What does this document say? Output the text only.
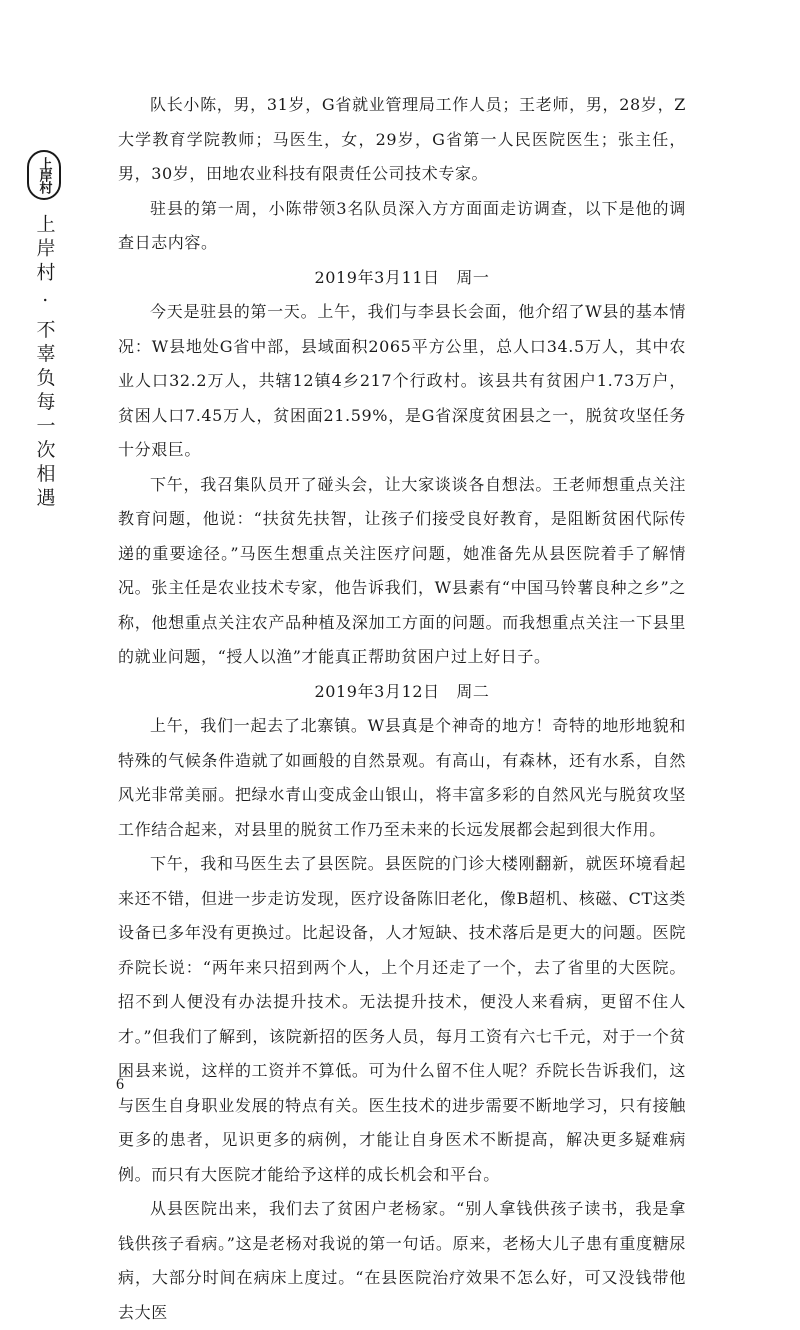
上岸村
上岸村 · 不辜负每一次相遇

队长小陈，男，31岁，G省就业管理局工作人员；王老师，男，28岁，Z大学教育学院教师；马医生，女，29岁，G省第一人民医院医生；张主任，男，30岁，田地农业科技有限责任公司技术专家。

驻县的第一周，小陈带领3名队员深入方方面面走访调查，以下是他的调查日志内容。

2019年3月11日　周一

今天是驻县的第一天。上午，我们与李县长会面，他介绍了W县的基本情况：W县地处G省中部，县域面积2065平方公里，总人口34.5万人，其中农业人口32.2万人，共辖12镇4乡217个行政村。该县共有贫困户1.73万户，贫困人口7.45万人，贫困面21.59%，是G省深度贫困县之一，脱贫攻坚任务十分艰巨。

下午，我召集队员开了碰头会，让大家谈谈各自想法。王老师想重点关注教育问题，他说：“扶贫先扶智，让孩子们接受良好教育，是阻断贫困代际传递的重要途径。”马医生想重点关注医疗问题，她准备先从县医院着手了解情况。张主任是农业技术专家，他告诉我们，W县素有“中国马铃薯良种之乡”之称，他想重点关注农产品种植及深加工方面的问题。而我想重点关注一下县里的就业问题，“授人以渔”才能真正帮助贫困户过上好日子。

2019年3月12日　周二

上午，我们一起去了北寨镇。W县真是个神奇的地方！奇特的地形地貌和特殊的气候条件造就了如画般的自然景观。有高山，有森林，还有水系，自然风光非常美丽。把绿水青山变成金山银山，将丰富多彩的自然风光与脱贫攻坚工作结合起来，对县里的脱贫工作乃至未来的长远发展都会起到很大作用。

下午，我和马医生去了县医院。县医院的门诊大楼刚翻新，就医环境看起来还不错，但进一步走访发现，医疗设备陈旧老化，像B超机、核磁、CT这类设备已多年没有更换过。比起设备，人才短缺、技术落后是更大的问题。医院乔院长说：“两年来只招到两个人，上个月还走了一个，去了省里的大医院。招不到人便没有办法提升技术。无法提升技术，便没人来看病，更留不住人才。”但我们了解到，该院新招的医务人员，每月工资有六七千元，对于一个贫困县来说，这样的工资并不算低。可为什么留不住人呢？乔院长告诉我们，这与医生自身职业发展的特点有关。医生技术的进步需要不断地学习，只有接触更多的患者，见识更多的病例，才能让自身医术不断提高，解决更多疑难病例。而只有大医院才能给予这样的成长机会和平台。

从县医院出来，我们去了贫困户老杨家。“别人拿钱供孩子读书，我是拿钱供孩子看病。”这是老杨对我说的第一句话。原来，老杨大儿子患有重度糖尿病，大部分时间在病床上度过。“在县医院治疗效果不怎么好，可又没钱带他去大医

6
